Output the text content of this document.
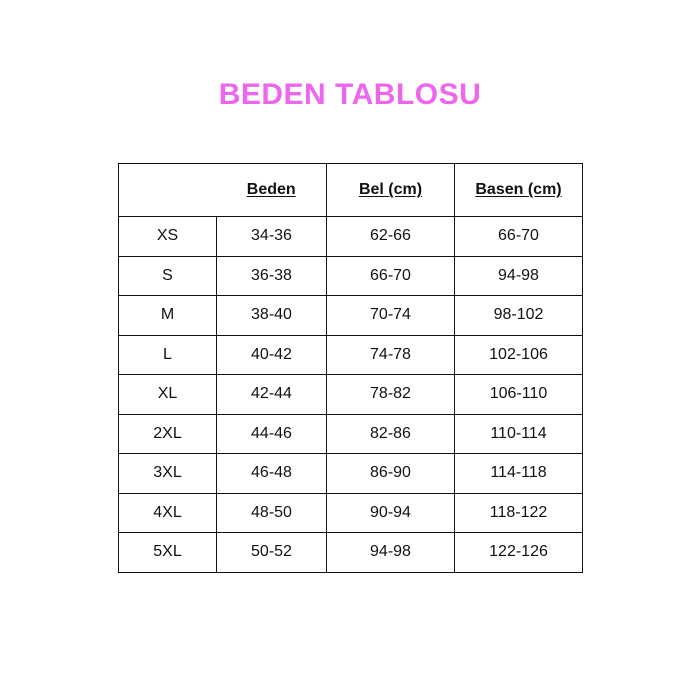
BEDEN TABLOSU
	Beden	Bel (cm)	Basen (cm)
XS	34-36	62-66	66-70
S	36-38	66-70	94-98
M	38-40	70-74	98-102
L	40-42	74-78	102-106
XL	42-44	78-82	106-110
2XL	44-46	82-86	110-114
3XL	46-48	86-90	114-118
4XL	48-50	90-94	118-122
5XL	50-52	94-98	122-126
